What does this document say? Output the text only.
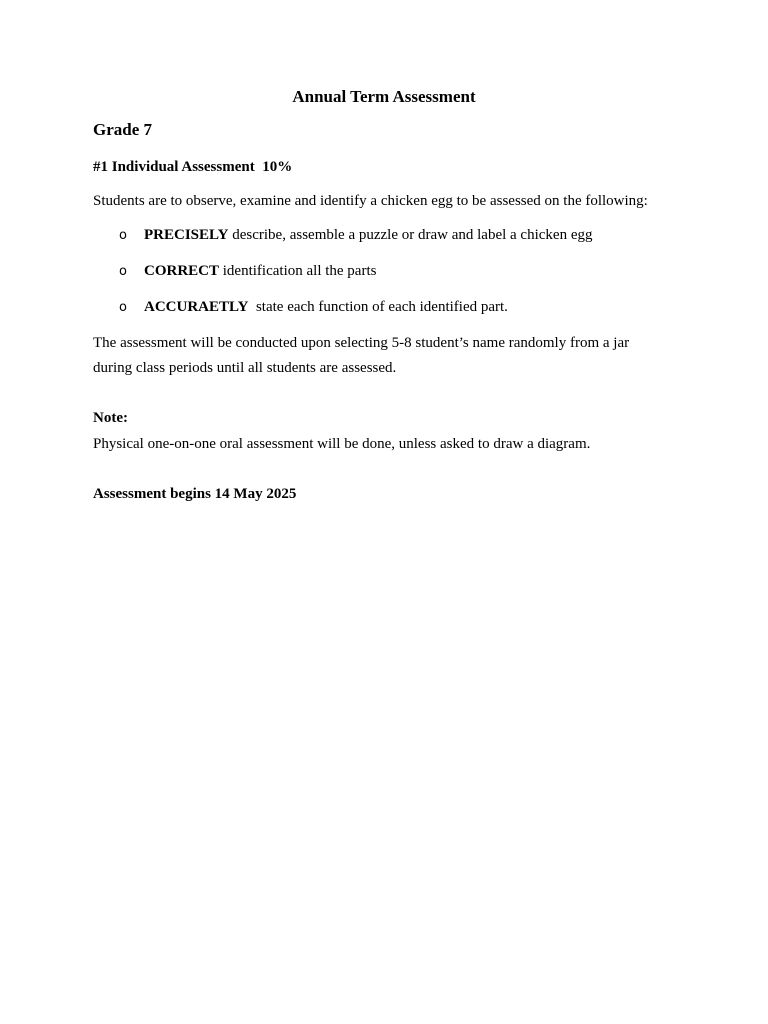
Annual Term Assessment
Grade 7
#1 Individual Assessment  10%
Students are to observe, examine and identify a chicken egg to be assessed on the following:
o PRECISELY describe, assemble a puzzle or draw and label a chicken egg
o CORRECT identification all the parts
o ACCURAETLY  state each function of each identified part.
The assessment will be conducted upon selecting 5-8 student’s name randomly from a jar
during class periods until all students are assessed.
Note:
Physical one-on-one oral assessment will be done, unless asked to draw a diagram.
Assessment begins 14 May 2025
